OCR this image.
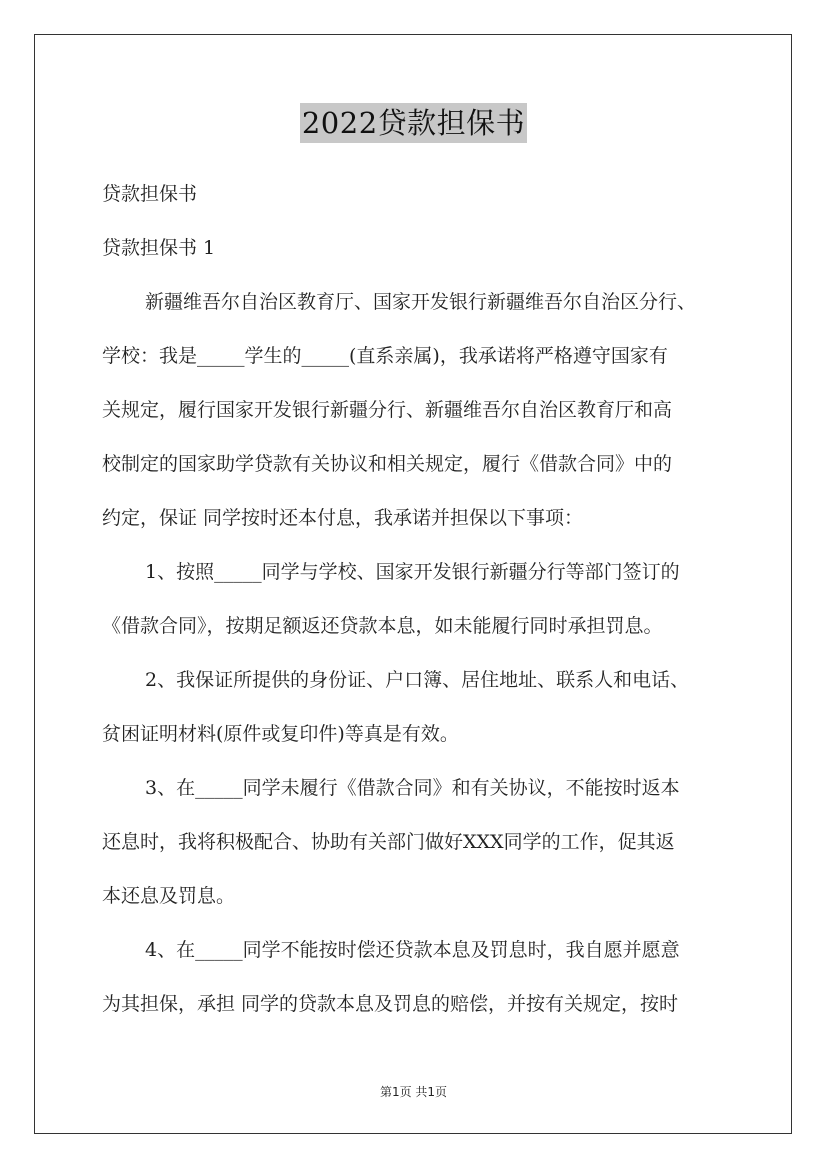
2022贷款担保书
贷款担保书
贷款担保书 1
新疆维吾尔自治区教育厅、国家开发银行新疆维吾尔自治区分行、
学校：我是_____学生的_____(直系亲属)，我承诺将严格遵守国家有
关规定，履行国家开发银行新疆分行、新疆维吾尔自治区教育厅和高
校制定的国家助学贷款有关协议和相关规定，履行《借款合同》中的
约定，保证 同学按时还本付息，我承诺并担保以下事项：
1、按照_____同学与学校、国家开发银行新疆分行等部门签订的
《借款合同》，按期足额返还贷款本息，如未能履行同时承担罚息。
2、我保证所提供的身份证、户口簿、居住地址、联系人和电话、
贫困证明材料(原件或复印件)等真是有效。
3、在_____同学未履行《借款合同》和有关协议，不能按时返本
还息时，我将积极配合、协助有关部门做好XXX同学的工作，促其返
本还息及罚息。
4、在_____同学不能按时偿还贷款本息及罚息时，我自愿并愿意
为其担保，承担 同学的贷款本息及罚息的赔偿，并按有关规定，按时
第1页 共1页
